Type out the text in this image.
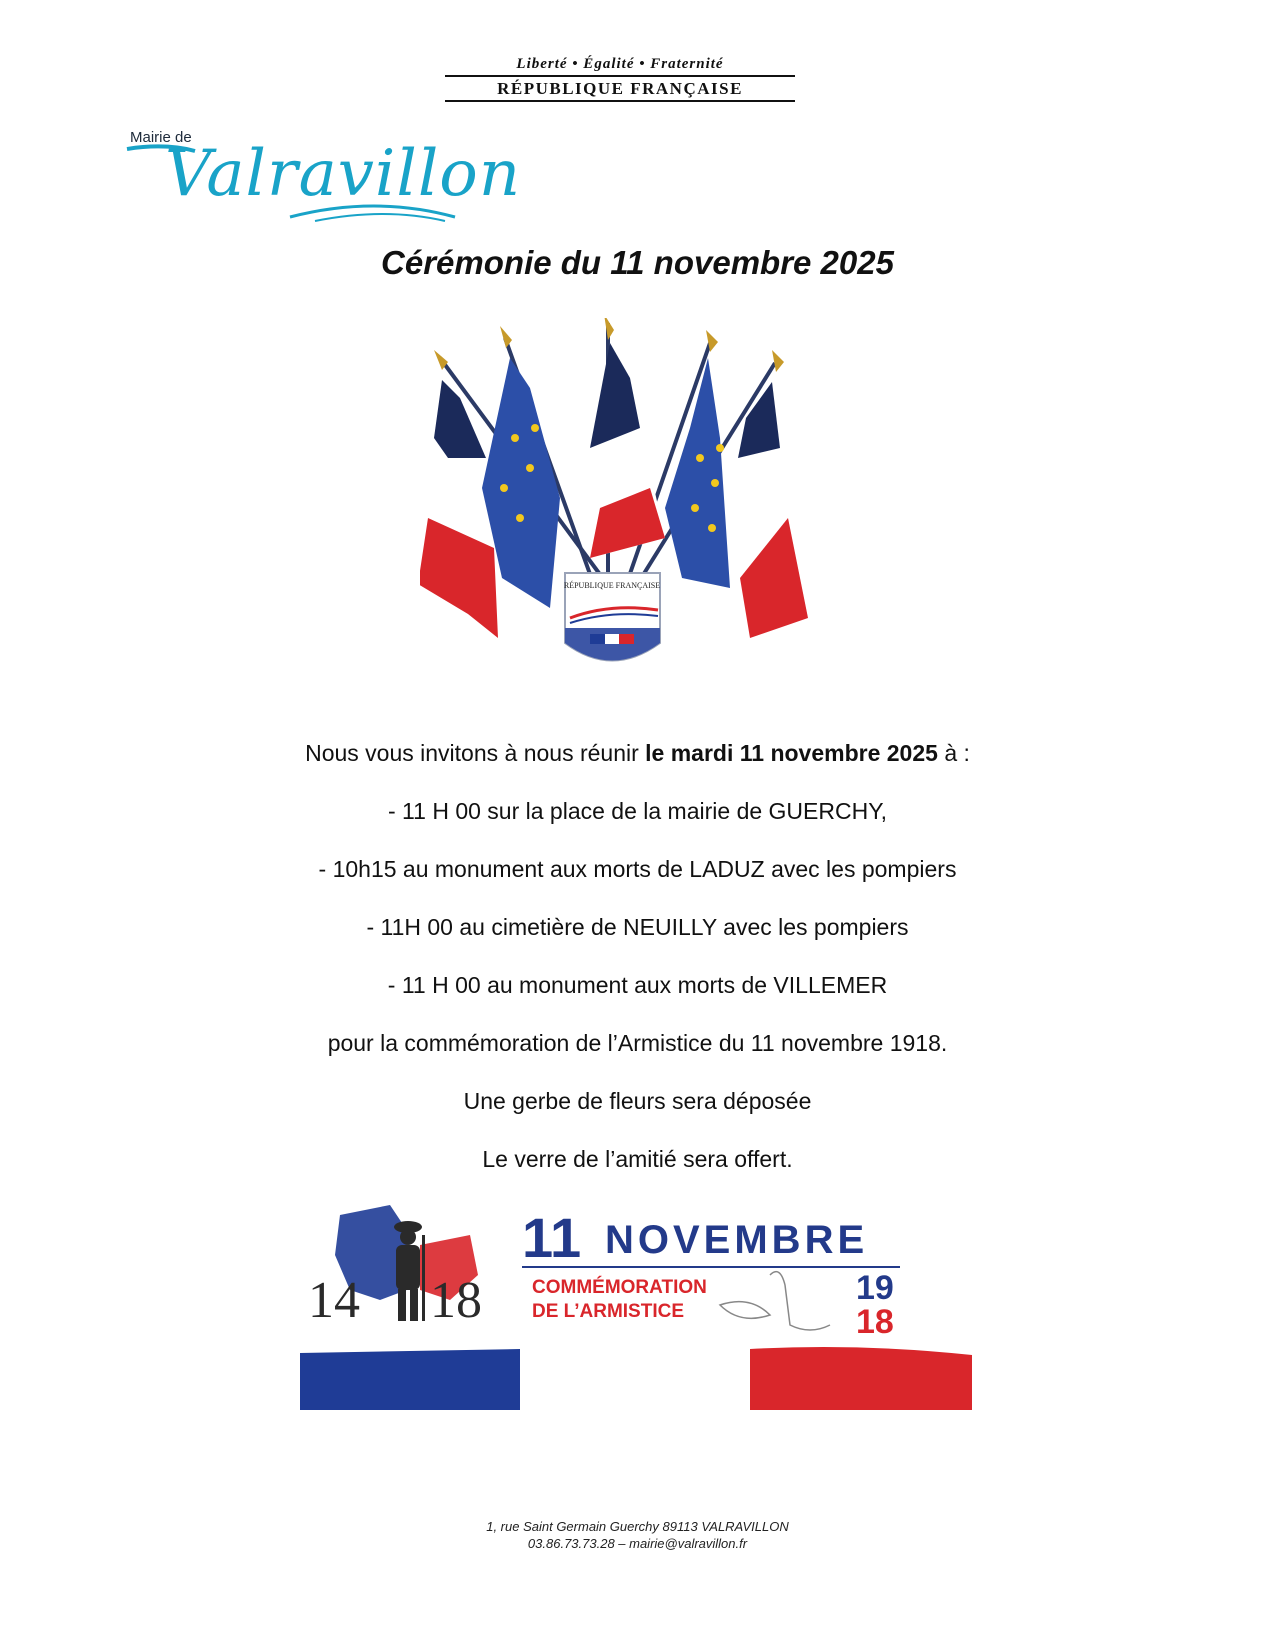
Liberté • Égalité • Fraternité
RÉPUBLIQUE FRANÇAISE
Mairie de
Valravillon
Cérémonie du 11 novembre 2025
RÉPUBLIQUE FRANÇAISE

Nous vous invitons à nous réunir le mardi 11 novembre 2025 à :

- 11 H 00 sur la place de la mairie de GUERCHY,

- 10h15 au monument aux morts de LADUZ avec les pompiers

- 11H 00 au cimetière de NEUILLY avec les pompiers

- 11 H 00 au monument aux morts de VILLEMER

pour la commémoration de l’Armistice du 11 novembre 1918.

Une gerbe de fleurs sera déposée

Le verre de l’amitié sera offert.

14 18
11 NOVEMBRE
COMMÉMORATION
DE L’ARMISTICE
19
18
1, rue Saint Germain Guerchy 89113 VALRAVILLON
03.86.73.73.28 – mairie@valravillon.fr
